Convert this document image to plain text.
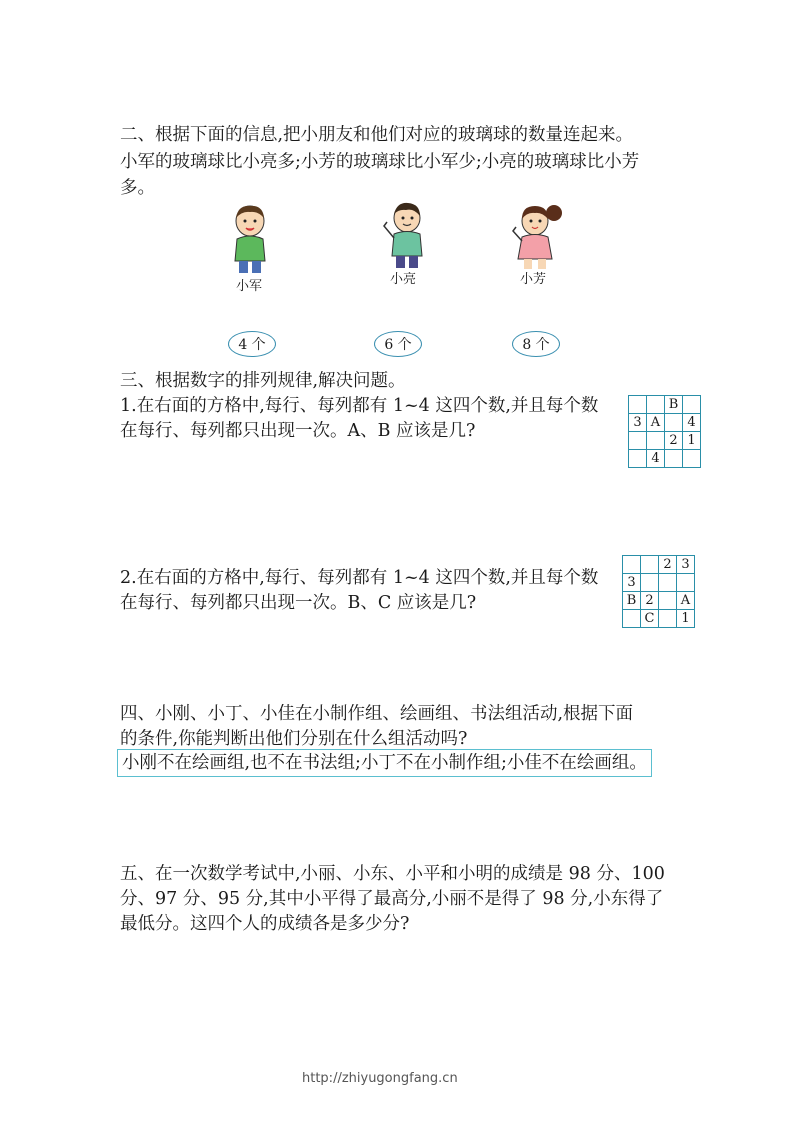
二、根据下面的信息,把小朋友和他们对应的玻璃球的数量连起来。
小军的玻璃球比小亮多;小芳的玻璃球比小军少;小亮的玻璃球比小芳
多。
小军	小亮	小芳
4 个	6 个	8 个
三、根据数字的排列规律,解决问题。
1.在右面的方格中,每行、每列都有 1~4 这四个数,并且每个数
在每行、每列都只出现一次。A、B 应该是几?
		B	
3	A		4
		2	1
	4		
2.在右面的方格中,每行、每列都有 1~4 这四个数,并且每个数
在每行、每列都只出现一次。B、C 应该是几?
		2	3
3			
B	2		A
	C		1
四、小刚、小丁、小佳在小制作组、绘画组、书法组活动,根据下面
的条件,你能判断出他们分别在什么组活动吗?
小刚不在绘画组,也不在书法组;小丁不在小制作组;小佳不在绘画组。
五、在一次数学考试中,小丽、小东、小平和小明的成绩是 98 分、100
分、97 分、95 分,其中小平得了最高分,小丽不是得了 98 分,小东得了
最低分。这四个人的成绩各是多少分?
http://zhiyugongfang.cn
